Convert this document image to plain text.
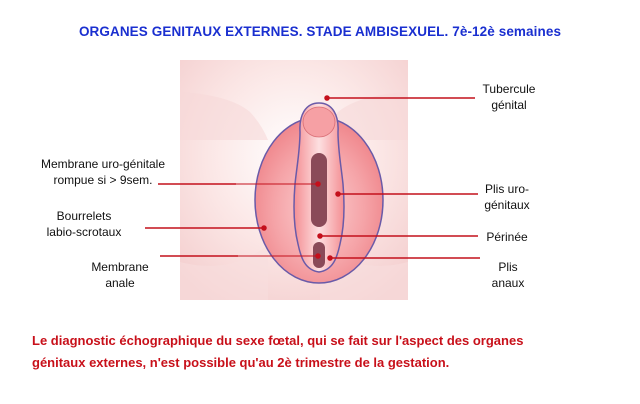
ORGANES GENITAUX EXTERNES. STADE AMBISEXUEL. 7è-12è semaines
Tubercule
génital
Membrane uro-génitale
rompue si > 9sem.
Plis uro-
génitaux
Bourrelets
labio-scrotaux	Périnée
Membrane
anale
Plis
anaux
Le diagnostic échographique du sexe fœtal, qui se fait sur l'aspect des organes
génitaux externes, n'est possible qu'au 2è trimestre de la gestation.
